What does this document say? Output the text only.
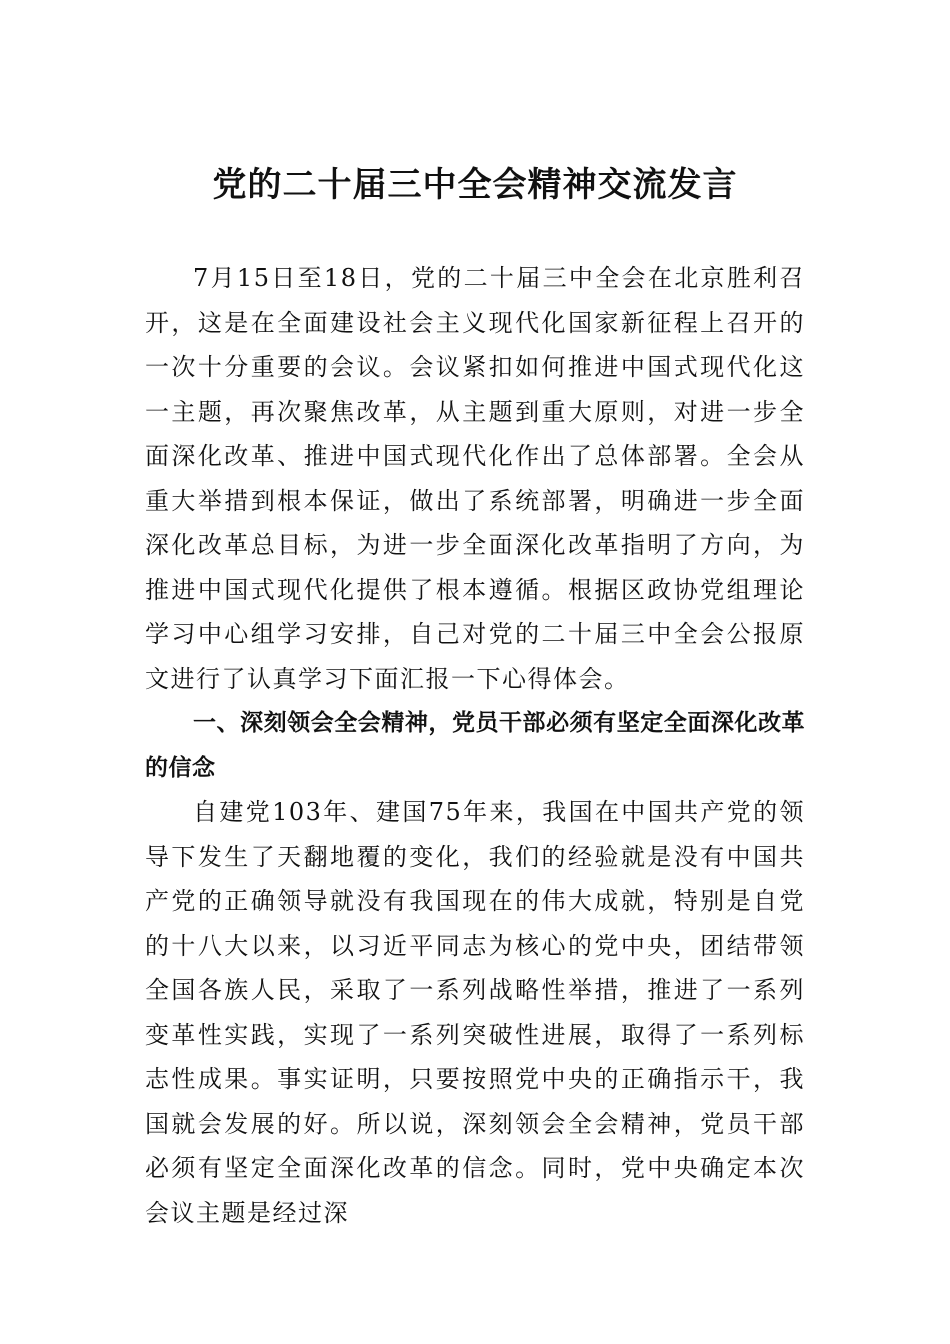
党的二十届三中全会精神交流发言

7月15日至18日，党的二十届三中全会在北京胜利召开，这是在全面建设社会主义现代化国家新征程上召开的一次十分重要的会议。会议紧扣如何推进中国式现代化这一主题，再次聚焦改革，从主题到重大原则，对进一步全面深化改革、推进中国式现代化作出了总体部署。全会从重大举措到根本保证，做出了系统部署，明确进一步全面深化改革总目标，为进一步全面深化改革指明了方向，为推进中国式现代化提供了根本遵循。根据区政协党组理论学习中心组学习安排，自己对党的二十届三中全会公报原文进行了认真学习下面汇报一下心得体会。

一、深刻领会全会精神，党员干部必须有坚定全面深化改革的信念

自建党103年、建国75年来，我国在中国共产党的领导下发生了天翻地覆的变化，我们的经验就是没有中国共产党的正确领导就没有我国现在的伟大成就，特别是自党的十八大以来，以习近平同志为核心的党中央，团结带领全国各族人民，采取了一系列战略性举措，推进了一系列变革性实践，实现了一系列突破性进展，取得了一系列标志性成果。事实证明，只要按照党中央的正确指示干，我国就会发展的好。所以说，深刻领会全会精神，党员干部必须有坚定全面深化改革的信念。同时，党中央确定本次会议主题是经过深
